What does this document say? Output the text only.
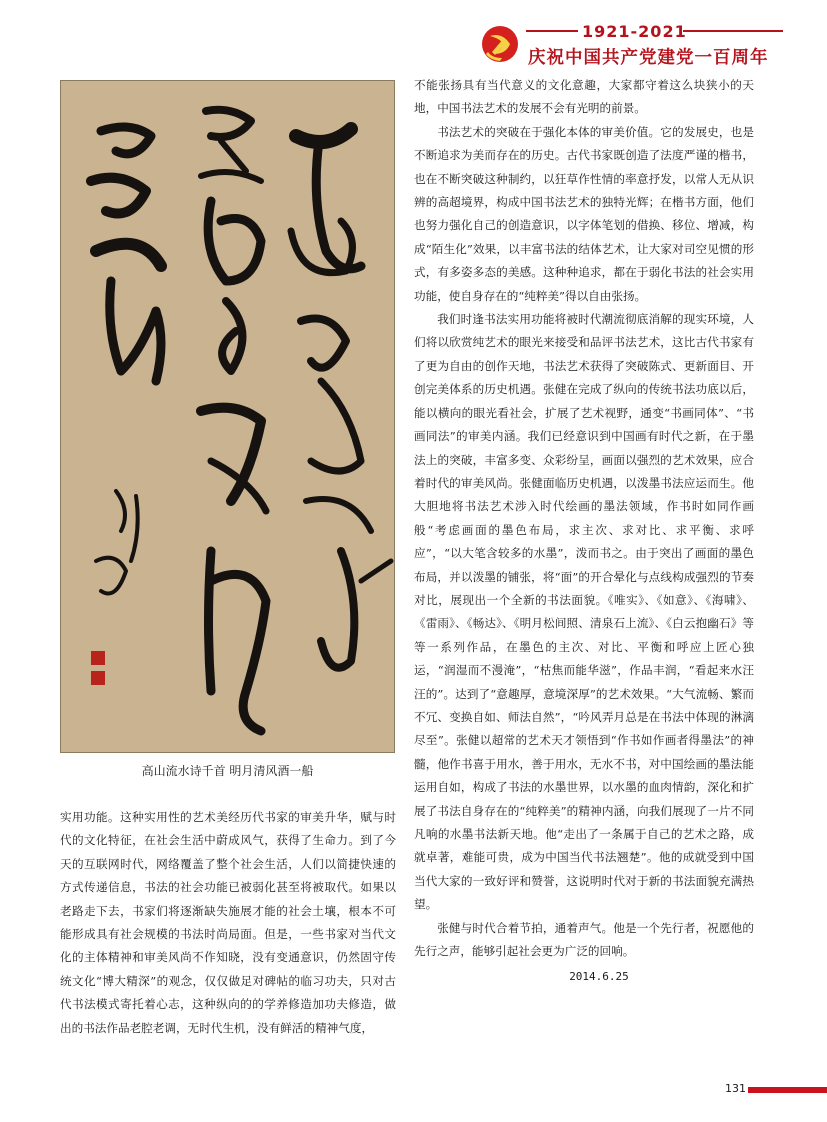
1921-2021
庆祝中国共产党建党一百周年
高山流水诗千首 明月清风酒一船

实用功能。这种实用性的艺术美经历代书家的审美升华，赋与时代的文化特征，在社会生活中蔚成风气，获得了生命力。到了今天的互联网时代，网络覆盖了整个社会生活，人们以简捷快速的方式传递信息，书法的社会功能已被弱化甚至将被取代。如果以老路走下去，书家们将逐渐缺失施展才能的社会土壤，根本不可能形成具有社会规模的书法时尚局面。但是，一些书家对当代文化的主体精神和审美风尚不作知晓，没有变通意识，仍然固守传统文化“博大精深”的观念，仅仅做足对碑帖的临习功夫，只对古代书法模式寄托着心志，这种纵向的的学养修造加功夫修造，做出的书法作品老腔老调，无时代生机，没有鲜活的精神气度，

不能张扬具有当代意义的文化意趣，大家都守着这么块狭小的天地，中国书法艺术的发展不会有光明的前景。

书法艺术的突破在于强化本体的审美价值。它的发展史，也是不断追求为美而存在的历史。古代书家既创造了法度严谨的楷书，也在不断突破这种制约，以狂草作性情的率意抒发，以常人无从识辨的高超境界，构成中国书法艺术的独特光辉；在楷书方面，他们也努力强化自己的创造意识，以字体笔划的借换、移位、增减，构成“陌生化”效果，以丰富书法的结体艺术，让大家对司空见惯的形式，有多姿多态的美感。这种种追求，都在于弱化书法的社会实用功能，使自身存在的“纯粹美”得以自由张扬。

我们时逢书法实用功能将被时代潮流彻底消解的现实环境，人们将以欣赏纯艺术的眼光来接受和品评书法艺术，这比古代书家有了更为自由的创作天地，书法艺术获得了突破陈式、更新面目、开创完美体系的历史机遇。张健在完成了纵向的传统书法功底以后，能以横向的眼光看社会，扩展了艺术视野，通变“书画同体”、“书画同法”的审美内涵。我们已经意识到中国画有时代之新，在于墨法上的突破，丰富多变、众彩纷呈，画面以强烈的艺术效果，应合着时代的审美风尚。张健面临历史机遇，以泼墨书法应运而生。他大胆地将书法艺术涉入时代绘画的墨法领域，作书时如同作画般“考虑画面的墨色布局，求主次、求对比、求平衡、求呼应”，“以大笔含较多的水墨”，泼而书之。由于突出了画面的墨色布局，并以泼墨的铺张，将“面”的开合晕化与点线构成强烈的节奏对比，展现出一个全新的书法面貌。《唯实》、《如意》、《海啸》、《雷雨》、《畅达》、《明月松间照、清泉石上流》、《白云抱幽石》等等一系列作品，在墨色的主次、对比、平衡和呼应上匠心独运，“润湿而不漫淹”，“枯焦而能华滋”，作品丰润，“看起来水汪汪的”。达到了“意趣厚，意境深厚”的艺术效果。“大气流畅、繁而不冗、变换自如、师法自然”，“吟风弄月总是在书法中体现的淋漓尽至”。张健以超常的艺术天才领悟到“作书如作画者得墨法”的神髓，他作书喜于用水，善于用水，无水不书，对中国绘画的墨法能运用自如，构成了书法的水墨世界，以水墨的血肉情韵，深化和扩展了书法自身存在的“纯粹美”的精神内涵，向我们展现了一片不同凡响的水墨书法新天地。他“走出了一条属于自己的艺术之路，成就卓著，难能可贵，成为中国当代书法翘楚”。他的成就受到中国当代大家的一致好评和赞誉，这说明时代对于新的书法面貌充满热望。

张健与时代合着节拍，通着声气。他是一个先行者，祝愿他的先行之声，能够引起社会更为广泛的回响。

2014.6.25
131
